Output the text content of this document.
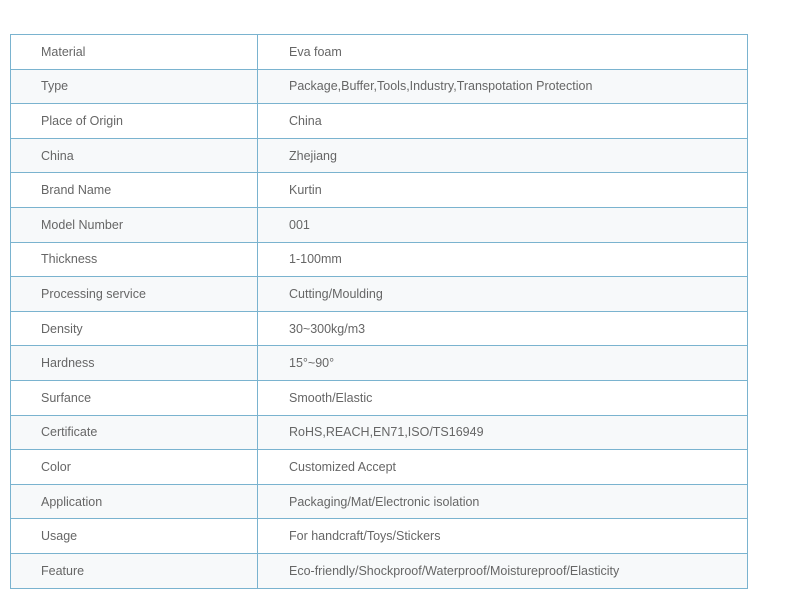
Material	Eva foam
Type	Package,Buffer,Tools,Industry,Transpotation Protection
Place of Origin	China
China	Zhejiang
Brand Name	Kurtin
Model Number	001
Thickness	1-100mm
Processing service	Cutting/Moulding
Density	30~300kg/m3
Hardness	15°~90°
Surfance	Smooth/Elastic
Certificate	RoHS,REACH,EN71,ISO/TS16949
Color	Customized Accept
Application	Packaging/Mat/Electronic isolation
Usage	For handcraft/Toys/Stickers
Feature	Eco-friendly/Shockproof/Waterproof/Moistureproof/Elasticity
